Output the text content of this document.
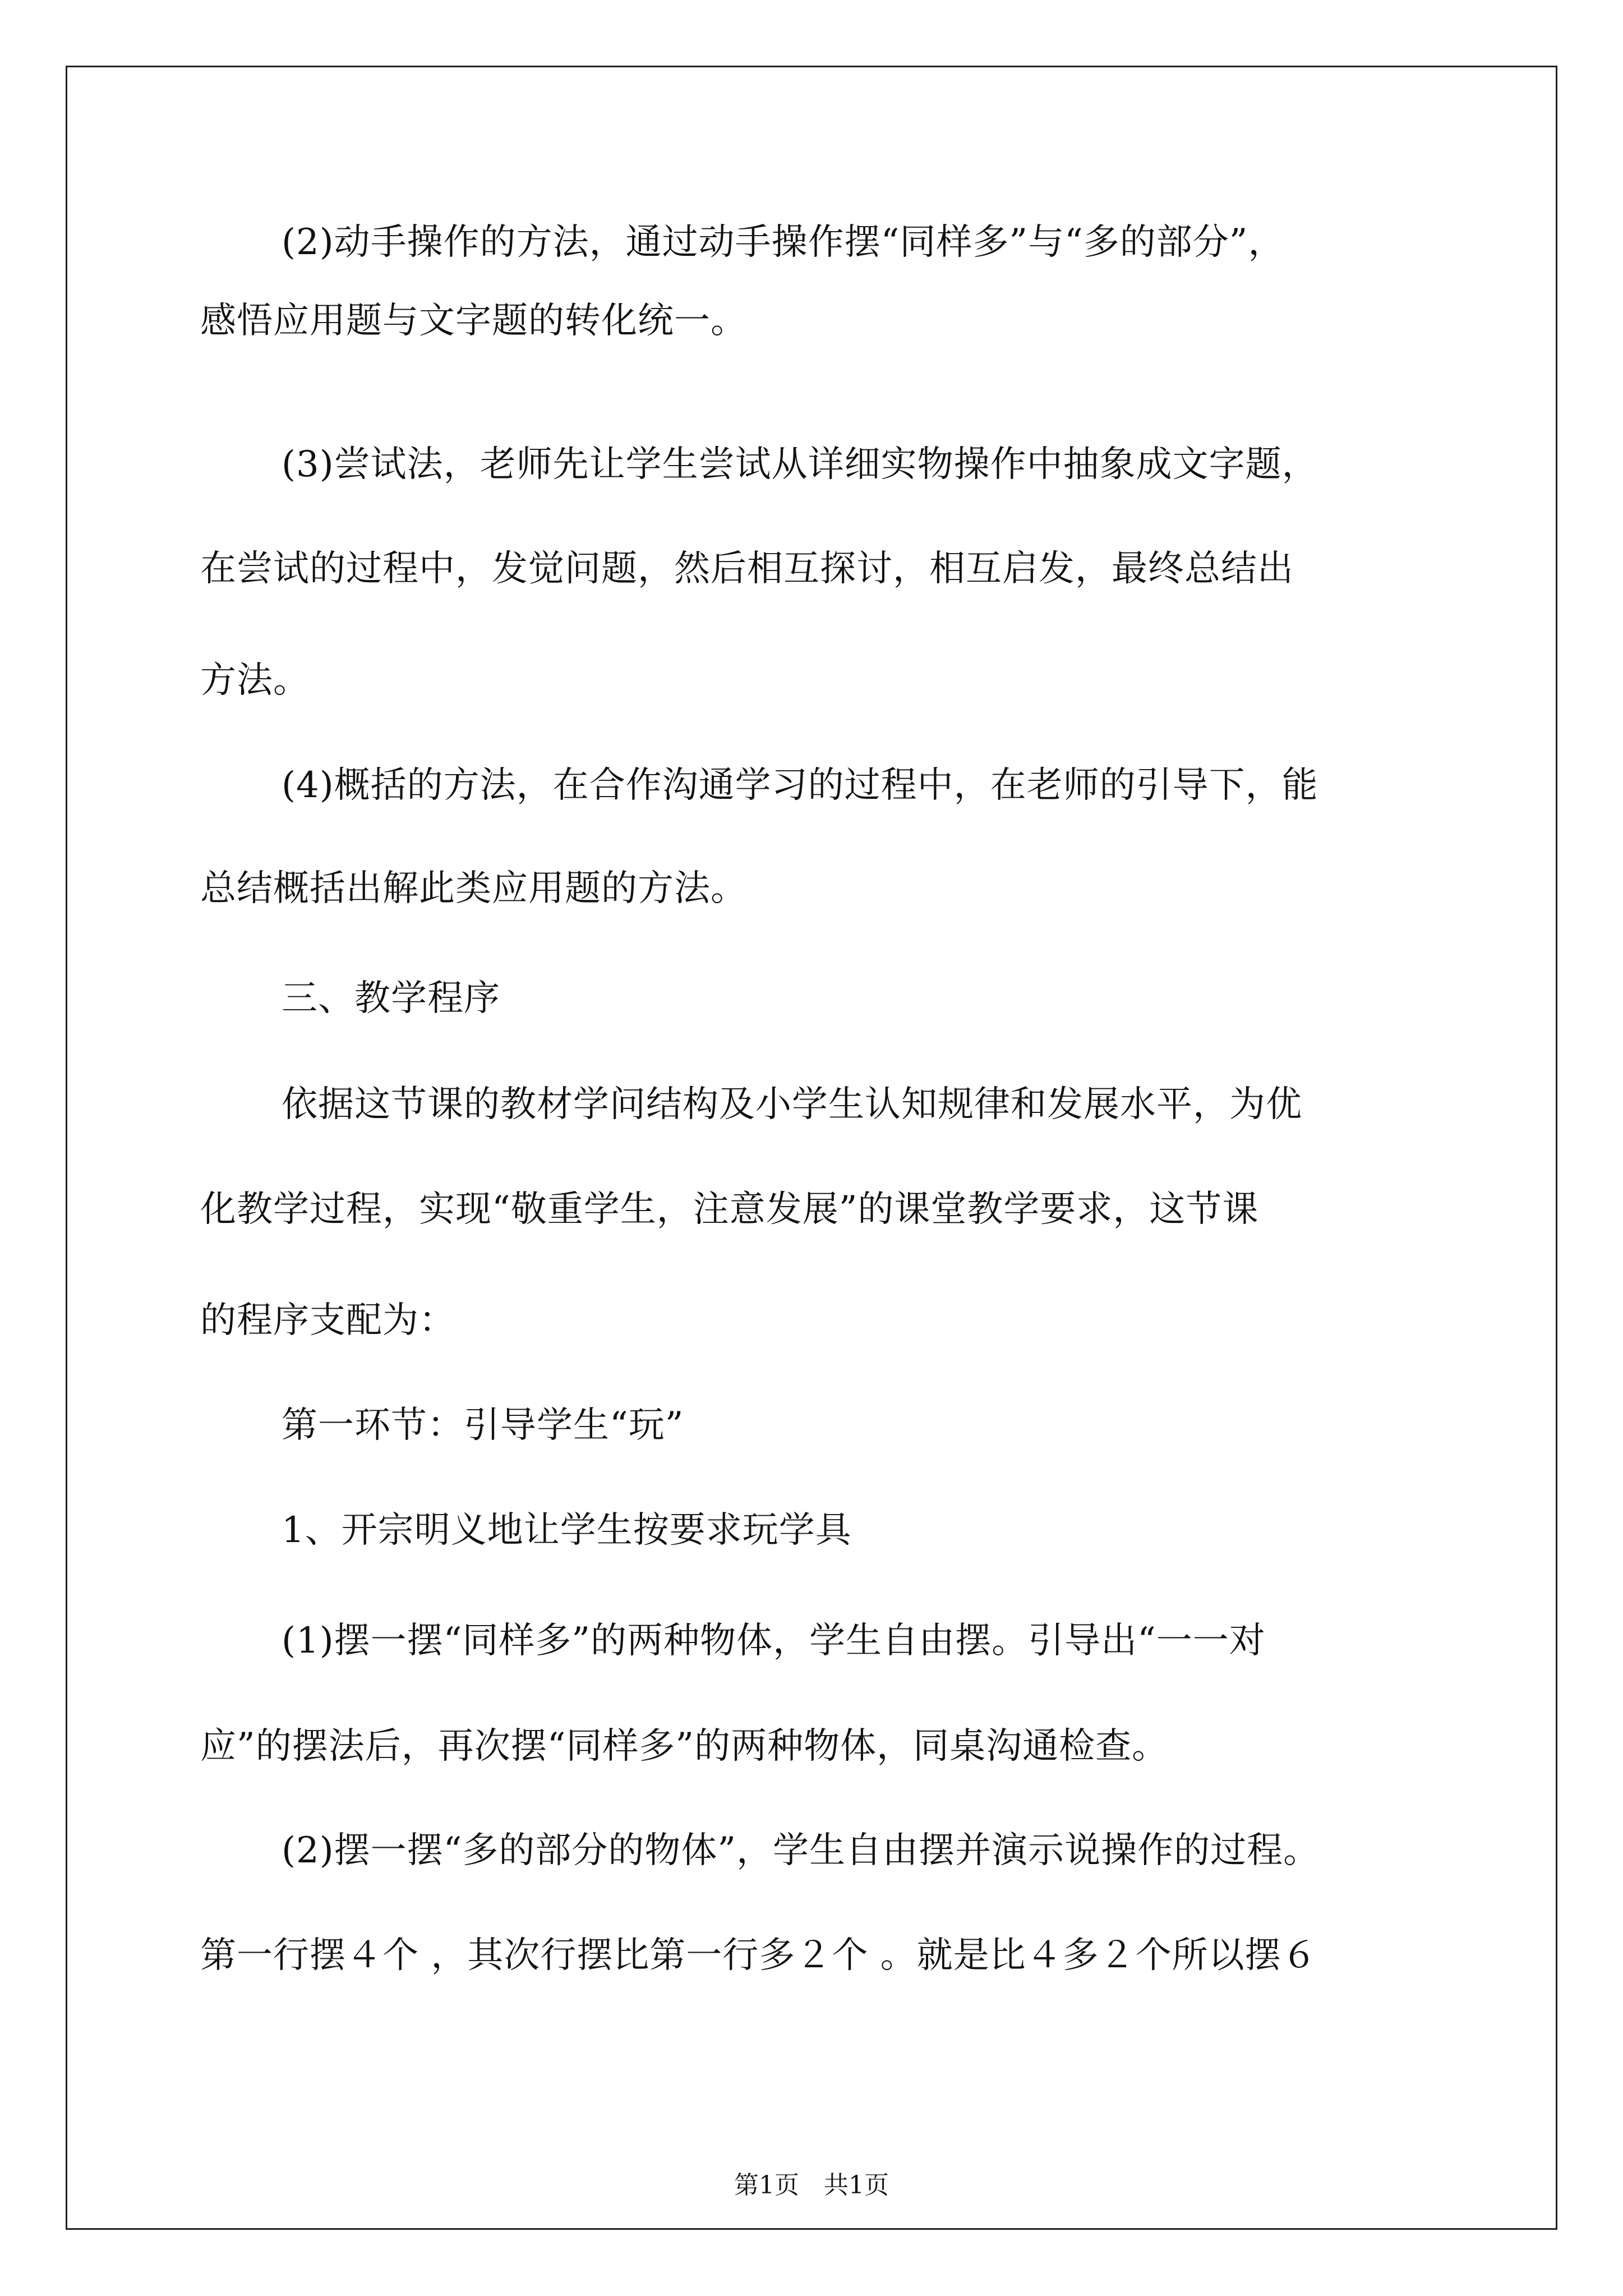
(2)动手操作的方法，通过动手操作摆“同样多”与“多的部分”，
感悟应用题与文字题的转化统一。
(3)尝试法，老师先让学生尝试从详细实物操作中抽象成文字题，
在尝试的过程中，发觉问题，然后相互探讨，相互启发，最终总结出
方法。
(4)概括的方法，在合作沟通学习的过程中，在老师的引导下，能
总结概括出解此类应用题的方法。
三、教学程序
依据这节课的教材学问结构及小学生认知规律和发展水平，为优
化教学过程，实现“敬重学生，注意发展”的课堂教学要求，这节课
的程序支配为：
第一环节：引导学生“玩”
1、开宗明义地让学生按要求玩学具
(1)摆一摆“同样多”的两种物体，学生自由摆。引导出“一一对
应”的摆法后，再次摆“同样多”的两种物体，同桌沟通检查。
(2)摆一摆“多的部分的物体”，学生自由摆并演示说操作的过程。
第一行摆４个 ，其次行摆比第一行多２个 。就是比４多２个所以摆６
第1页　共1页
